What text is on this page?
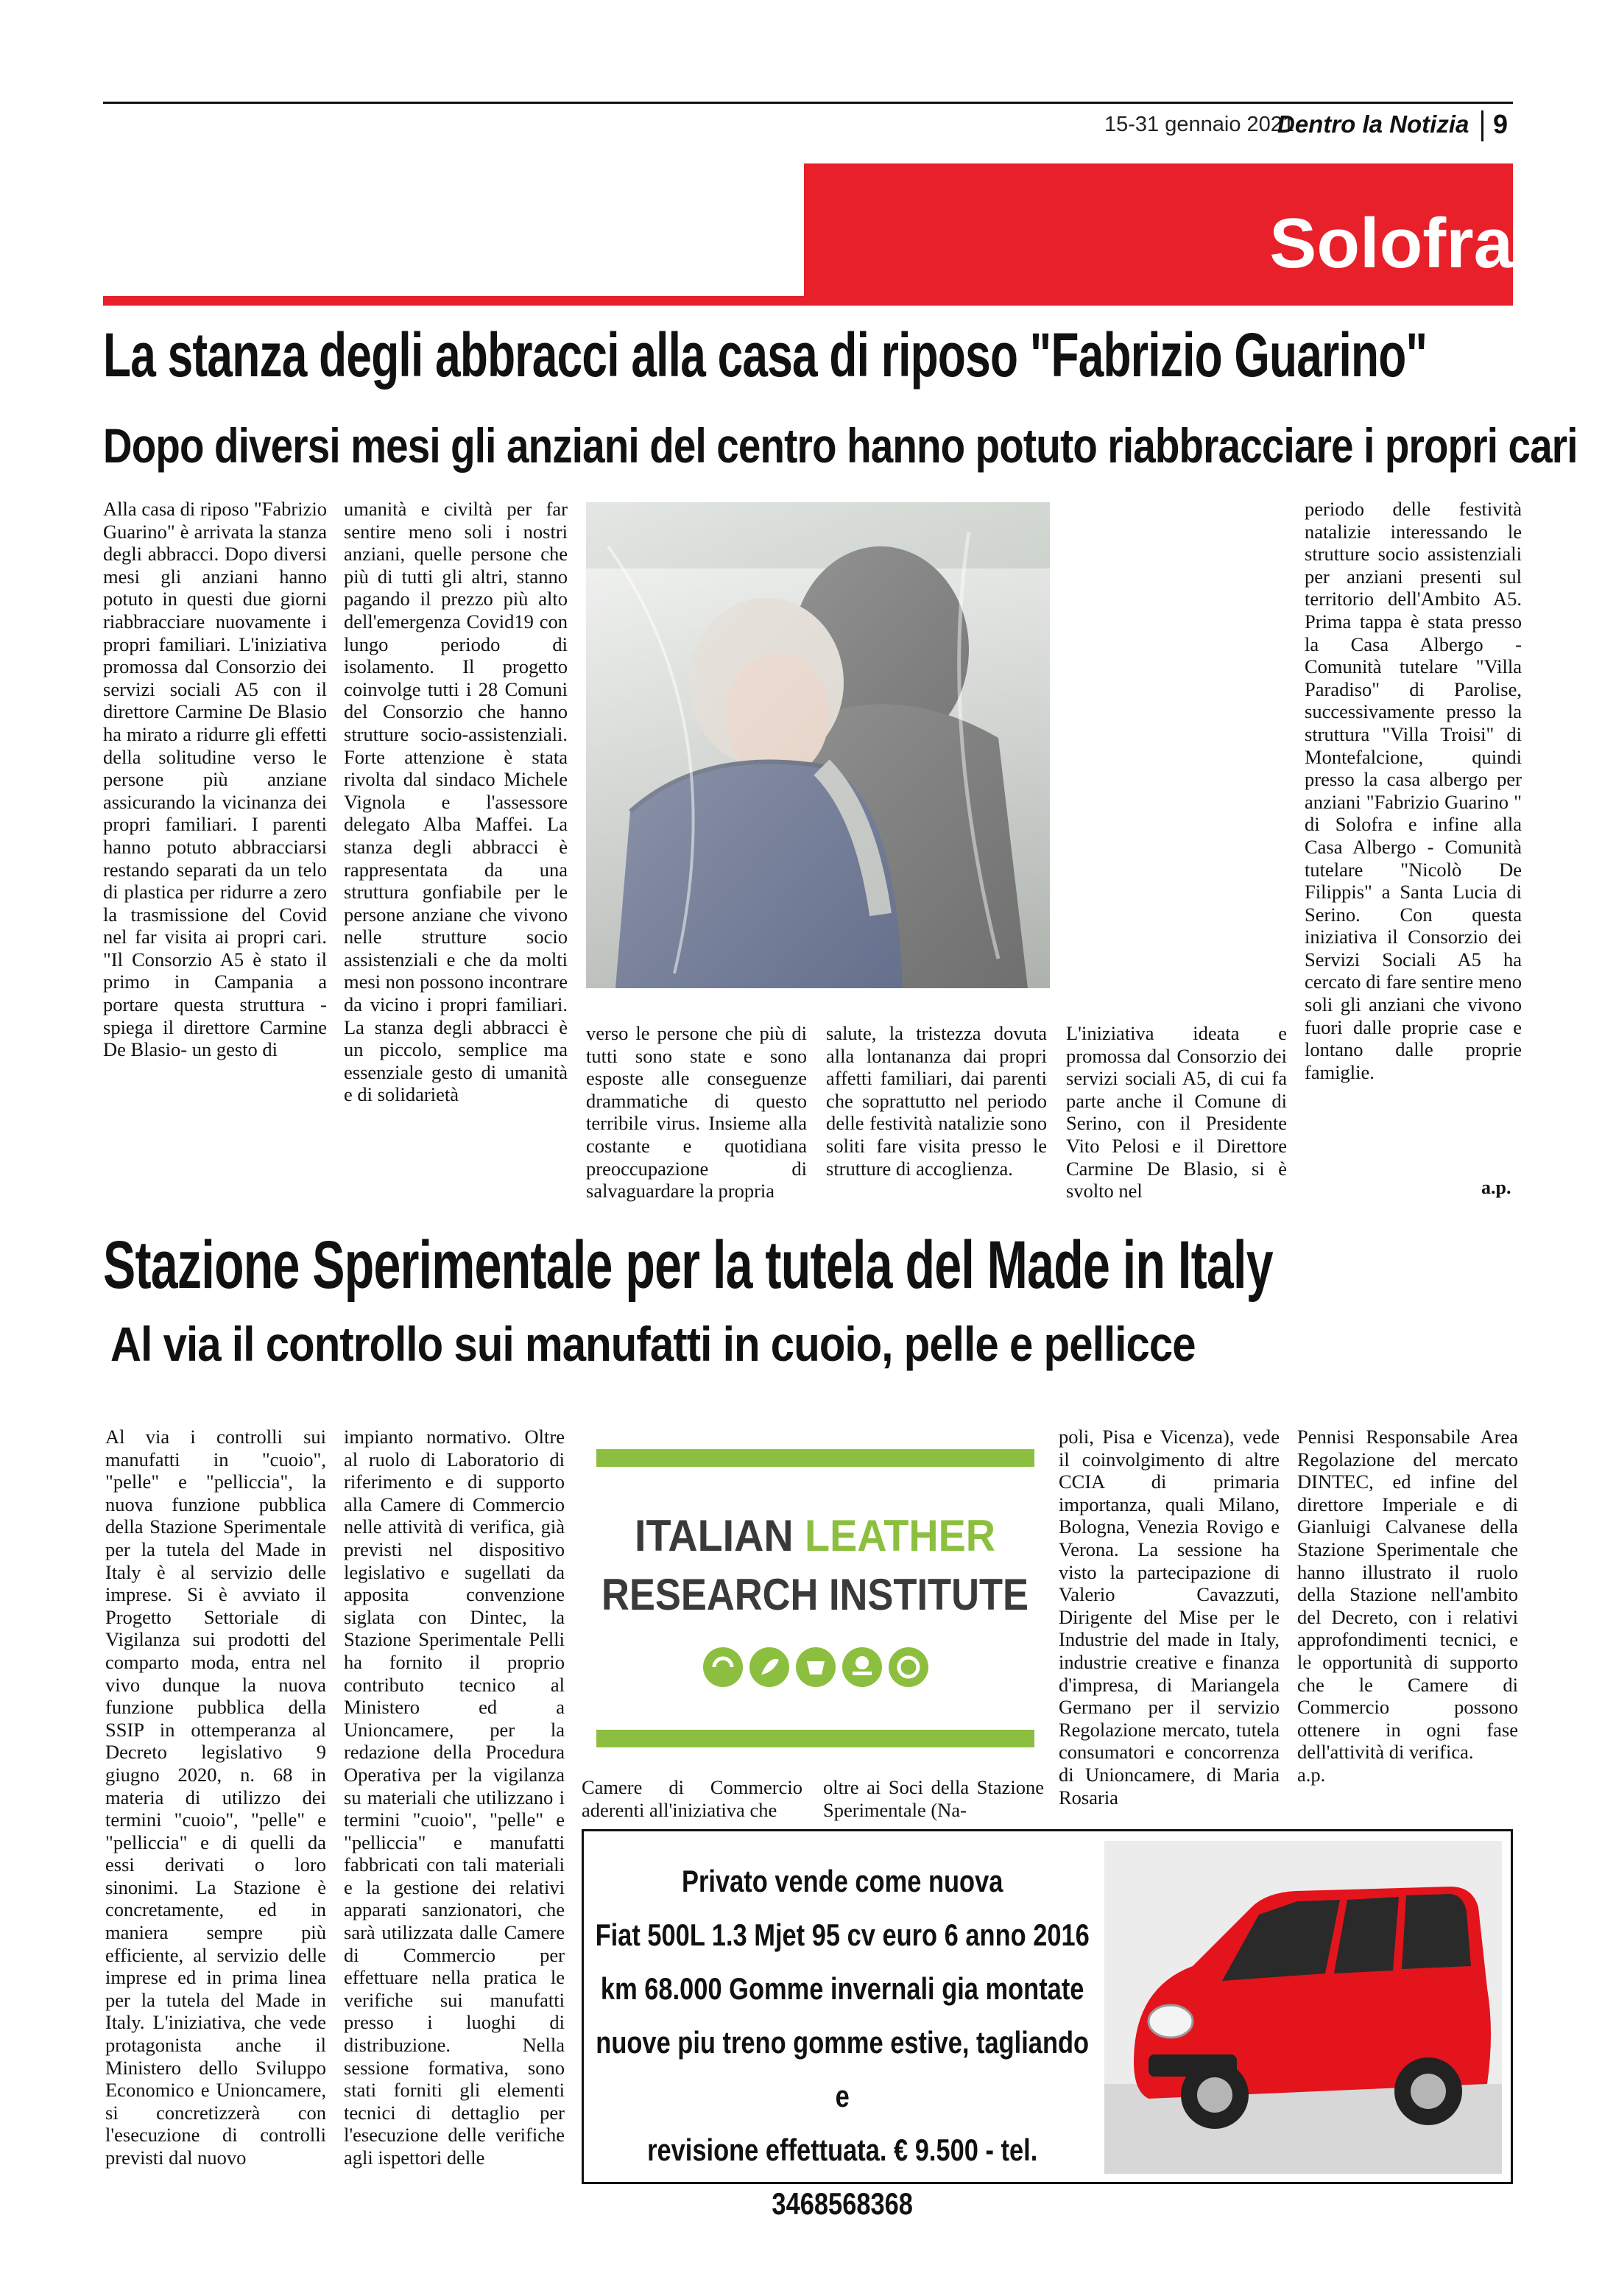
15-31 gennaio 2021
Dentro la Notizia 9
Solofra
La stanza degli abbracci alla casa di riposo "Fabrizio Guarino"
Dopo diversi mesi gli anziani del centro hanno potuto riabbracciare i propri cari

Alla casa di riposo "Fabrizio Guarino" è arrivata la stanza degli abbracci. Dopo diversi mesi gli anziani hanno potuto in questi due giorni riabbracciare nuovamente i propri familiari. L'iniziativa promossa dal Consorzio dei servizi sociali A5 con il direttore Carmine De Blasio ha mirato a ridurre gli effetti della solitudine verso le persone più anziane assicurando la vicinanza dei propri familiari. I parenti hanno potuto abbracciarsi restando separati da un telo di plastica per ridurre a zero la trasmissione del Covid nel far visita ai propri cari. "Il Consorzio A5 è stato il primo in Campania a portare questa struttura -spiega il direttore Carmine De Blasio- un gesto di

umanità e civiltà per far sentire meno soli i nostri anziani, quelle persone che più di tutti gli altri, stanno pagando il prezzo più alto dell'emergenza Covid19 con lungo periodo di isolamento. Il progetto coinvolge tutti i 28 Comuni del Consorzio che hanno strutture socio-assistenziali. Forte attenzione è stata rivolta dal sindaco Michele Vignola e l'assessore delegato Alba Maffei. La stanza degli abbracci è rappresentata da una struttura gonfiabile per le persone anziane che vivono nelle strutture socio assistenziali e che da molti mesi non possono incontrare da vicino i propri familiari. La stanza degli abbracci è un piccolo, semplice ma essenziale gesto di umanità e di solidarietà

verso le persone che più di tutti sono state e sono esposte alle conseguenze drammatiche di questo terribile virus. Insieme alla costante e quotidiana preoccupazione di salvaguardare la propria

salute, la tristezza dovuta alla lontananza dai propri affetti familiari, dai parenti che soprattutto nel periodo delle festività natalizie sono soliti fare visita presso le strutture di accoglienza.

L'iniziativa ideata e promossa dal Consorzio dei servizi sociali A5, di cui fa parte anche il Comune di Serino, con il Presidente Vito Pelosi e il Direttore Carmine De Blasio, si è svolto nel

periodo delle festività natalizie interessando le strutture socio assistenziali per anziani presenti sul territorio dell'Ambito A5. Prima tappa è stata presso la Casa Albergo - Comunità tutelare "Villa Paradiso" di Parolise, successivamente presso la struttura "Villa Troisi" di Montefalcione, quindi presso la casa albergo per anziani "Fabrizio Guarino " di Solofra e infine alla Casa Albergo - Comunità tutelare "Nicolò De Filippis" a Santa Lucia di Serino. Con questa iniziativa il Consorzio dei Servizi Sociali A5 ha cercato di fare sentire meno soli gli anziani che vivono fuori dalle proprie case e lontano dalle proprie famiglie.

a.p.
Stazione Sperimentale per la tutela del Made in Italy
Al via il controllo sui manufatti in cuoio, pelle e pellicce

Al via i controlli sui manufatti in "cuoio", "pelle" e "pelliccia", la nuova funzione pubblica della Stazione Sperimentale per la tutela del Made in Italy è al servizio delle imprese. Si è avviato il Progetto Settoriale di Vigilanza sui prodotti del comparto moda, entra nel vivo dunque la nuova funzione pubblica della SSIP in ottemperanza al Decreto legislativo 9 giugno 2020, n. 68 in materia di utilizzo dei termini "cuoio", "pelle" e "pelliccia" e di quelli da essi derivati o loro sinonimi. La Stazione è concretamente, ed in maniera sempre più efficiente, al servizio delle imprese ed in prima linea per la tutela del Made in Italy. L'iniziativa, che vede protagonista anche il Ministero dello Sviluppo Economico e Unioncamere, si concretizzerà con l'esecuzione di controlli previsti dal nuovo

impianto normativo. Oltre al ruolo di Laboratorio di riferimento e di supporto alla Camere di Commercio nelle attività di verifica, già previsti nel dispositivo legislativo e sugellati da apposita convenzione siglata con Dintec, la Stazione Sperimentale Pelli ha fornito il proprio contributo tecnico al Ministero ed a Unioncamere, per la redazione della Procedura Operativa per la vigilanza su materiali che utilizzano i termini "cuoio", "pelle" e "pelliccia" e manufatti fabbricati con tali materiali e la gestione dei relativi apparati sanzionatori, che sarà utilizzata dalle Camere di Commercio per effettuare nella pratica le verifiche sui manufatti presso i luoghi di distribuzione. Nella sessione formativa, sono stati forniti gli elementi tecnici di dettaglio per l'esecuzione delle verifiche agli ispettori delle

ITALIAN LEATHER
RESEARCH INSTITUTE

Camere di Commercio aderenti all'iniziativa che

oltre ai Soci della Stazione Sperimentale (Na-

poli, Pisa e Vicenza), vede il coinvolgimento di altre CCIA di primaria importanza, quali Milano, Bologna, Venezia Rovigo e Verona. La sessione ha visto la partecipazione di Valerio Cavazzuti, Dirigente del Mise per le Industrie del made in Italy, industrie creative e finanza d'impresa, di Mariangela Germano per il servizio Regolazione mercato, tutela consumatori e concorrenza di Unioncamere, di Maria Rosaria

Pennisi Responsabile Area Regolazione del mercato DINTEC, ed infine del direttore Imperiale e di Gianluigi Calvanese della Stazione Sperimentale che hanno illustrato il ruolo della Stazione nell'ambito del Decreto, con i relativi approfondimenti tecnici, e le opportunità di supporto che le Camere di Commercio possono ottenere in ogni fase dell'attività di verifica.

a.p.

Privato vende come nuova
Fiat 500L 1.3 Mjet 95 cv euro 6 anno 2016
km 68.000 Gomme invernali gia montate
nuove piu treno gomme estive, tagliando e
revisione effettuata. € 9.500 - tel. 3468568368
